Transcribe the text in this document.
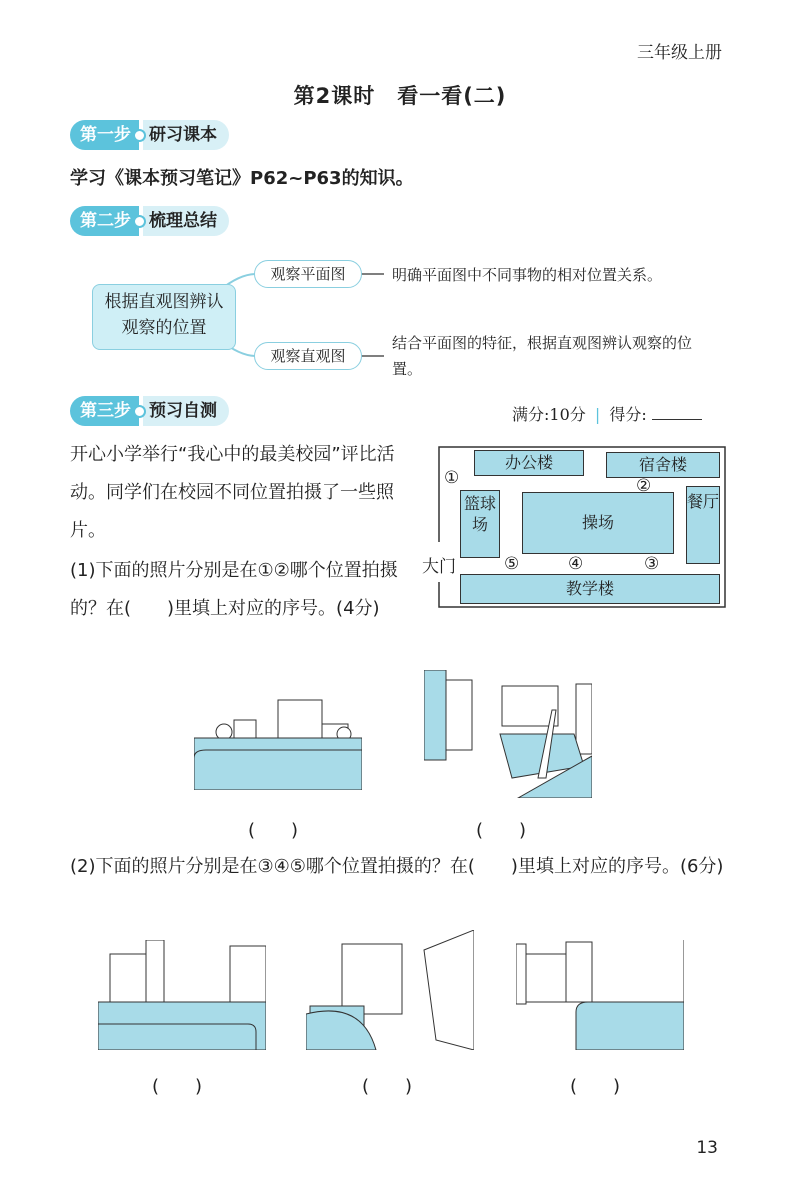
三年级上册
第2课时　看一看(二)
第一步	研习课本
学习《课本预习笔记》P62~P63的知识。
第二步	梳理总结
根据直观图辨认观察的位置
观察平面图
观察直观图
明确平面图中不同事物的相对位置关系。
结合平面图的特征，根据直观图辨认观察的位置。
第三步	预习自测	满分:10分 | 得分:
开心小学举行“我心中的最美校园”评比活动。同学们在校园不同位置拍摄了一些照片。
(1)下面的照片分别是在①②哪个位置拍摄的？在(　　)里填上对应的序号。(4分)
办公楼	宿舍楼
篮球场	操场
餐厅
教学楼
①	②
③
④
⑤
大门
(　　)	(　　)
(2)下面的照片分别是在③④⑤哪个位置拍摄的？在(　　)里填上对应的序号。(6分)
(　　)	(　　)	(　　)
13
